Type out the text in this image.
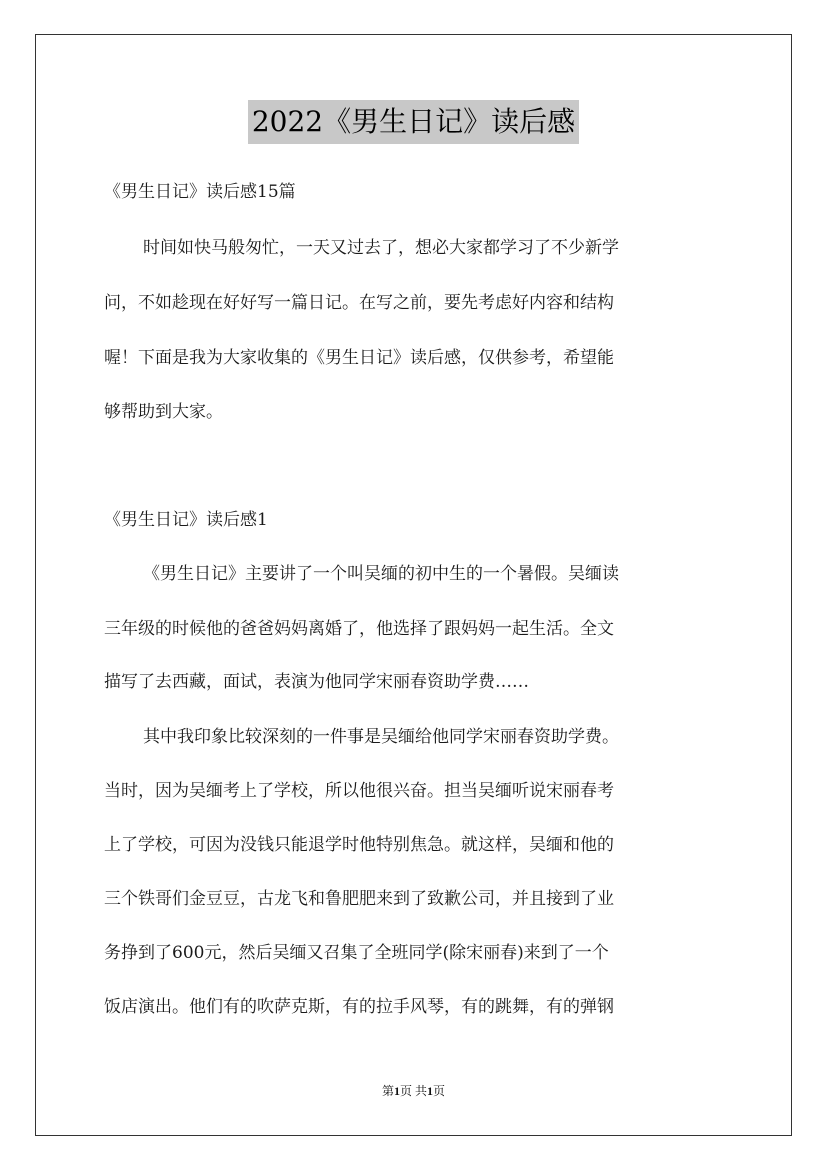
2022《男生日记》读后感
《男生日记》读后感15篇
时间如快马般匆忙，一天又过去了，想必大家都学习了不少新学
问，不如趁现在好好写一篇日记。在写之前，要先考虑好内容和结构
喔！下面是我为大家收集的《男生日记》读后感，仅供参考，希望能
够帮助到大家。
《男生日记》读后感1
《男生日记》主要讲了一个叫吴缅的初中生的一个暑假。吴缅读
三年级的时候他的爸爸妈妈离婚了，他选择了跟妈妈一起生活。全文
描写了去西藏，面试，表演为他同学宋丽春资助学费……
其中我印象比较深刻的一件事是吴缅给他同学宋丽春资助学费。
当时，因为吴缅考上了学校，所以他很兴奋。担当吴缅听说宋丽春考
上了学校，可因为没钱只能退学时他特别焦急。就这样，吴缅和他的
三个铁哥们金豆豆，古龙飞和鲁肥肥来到了致歉公司，并且接到了业
务挣到了600元，然后吴缅又召集了全班同学(除宋丽春)来到了一个
饭店演出。他们有的吹萨克斯，有的拉手风琴，有的跳舞，有的弹钢
第1页 共1页
